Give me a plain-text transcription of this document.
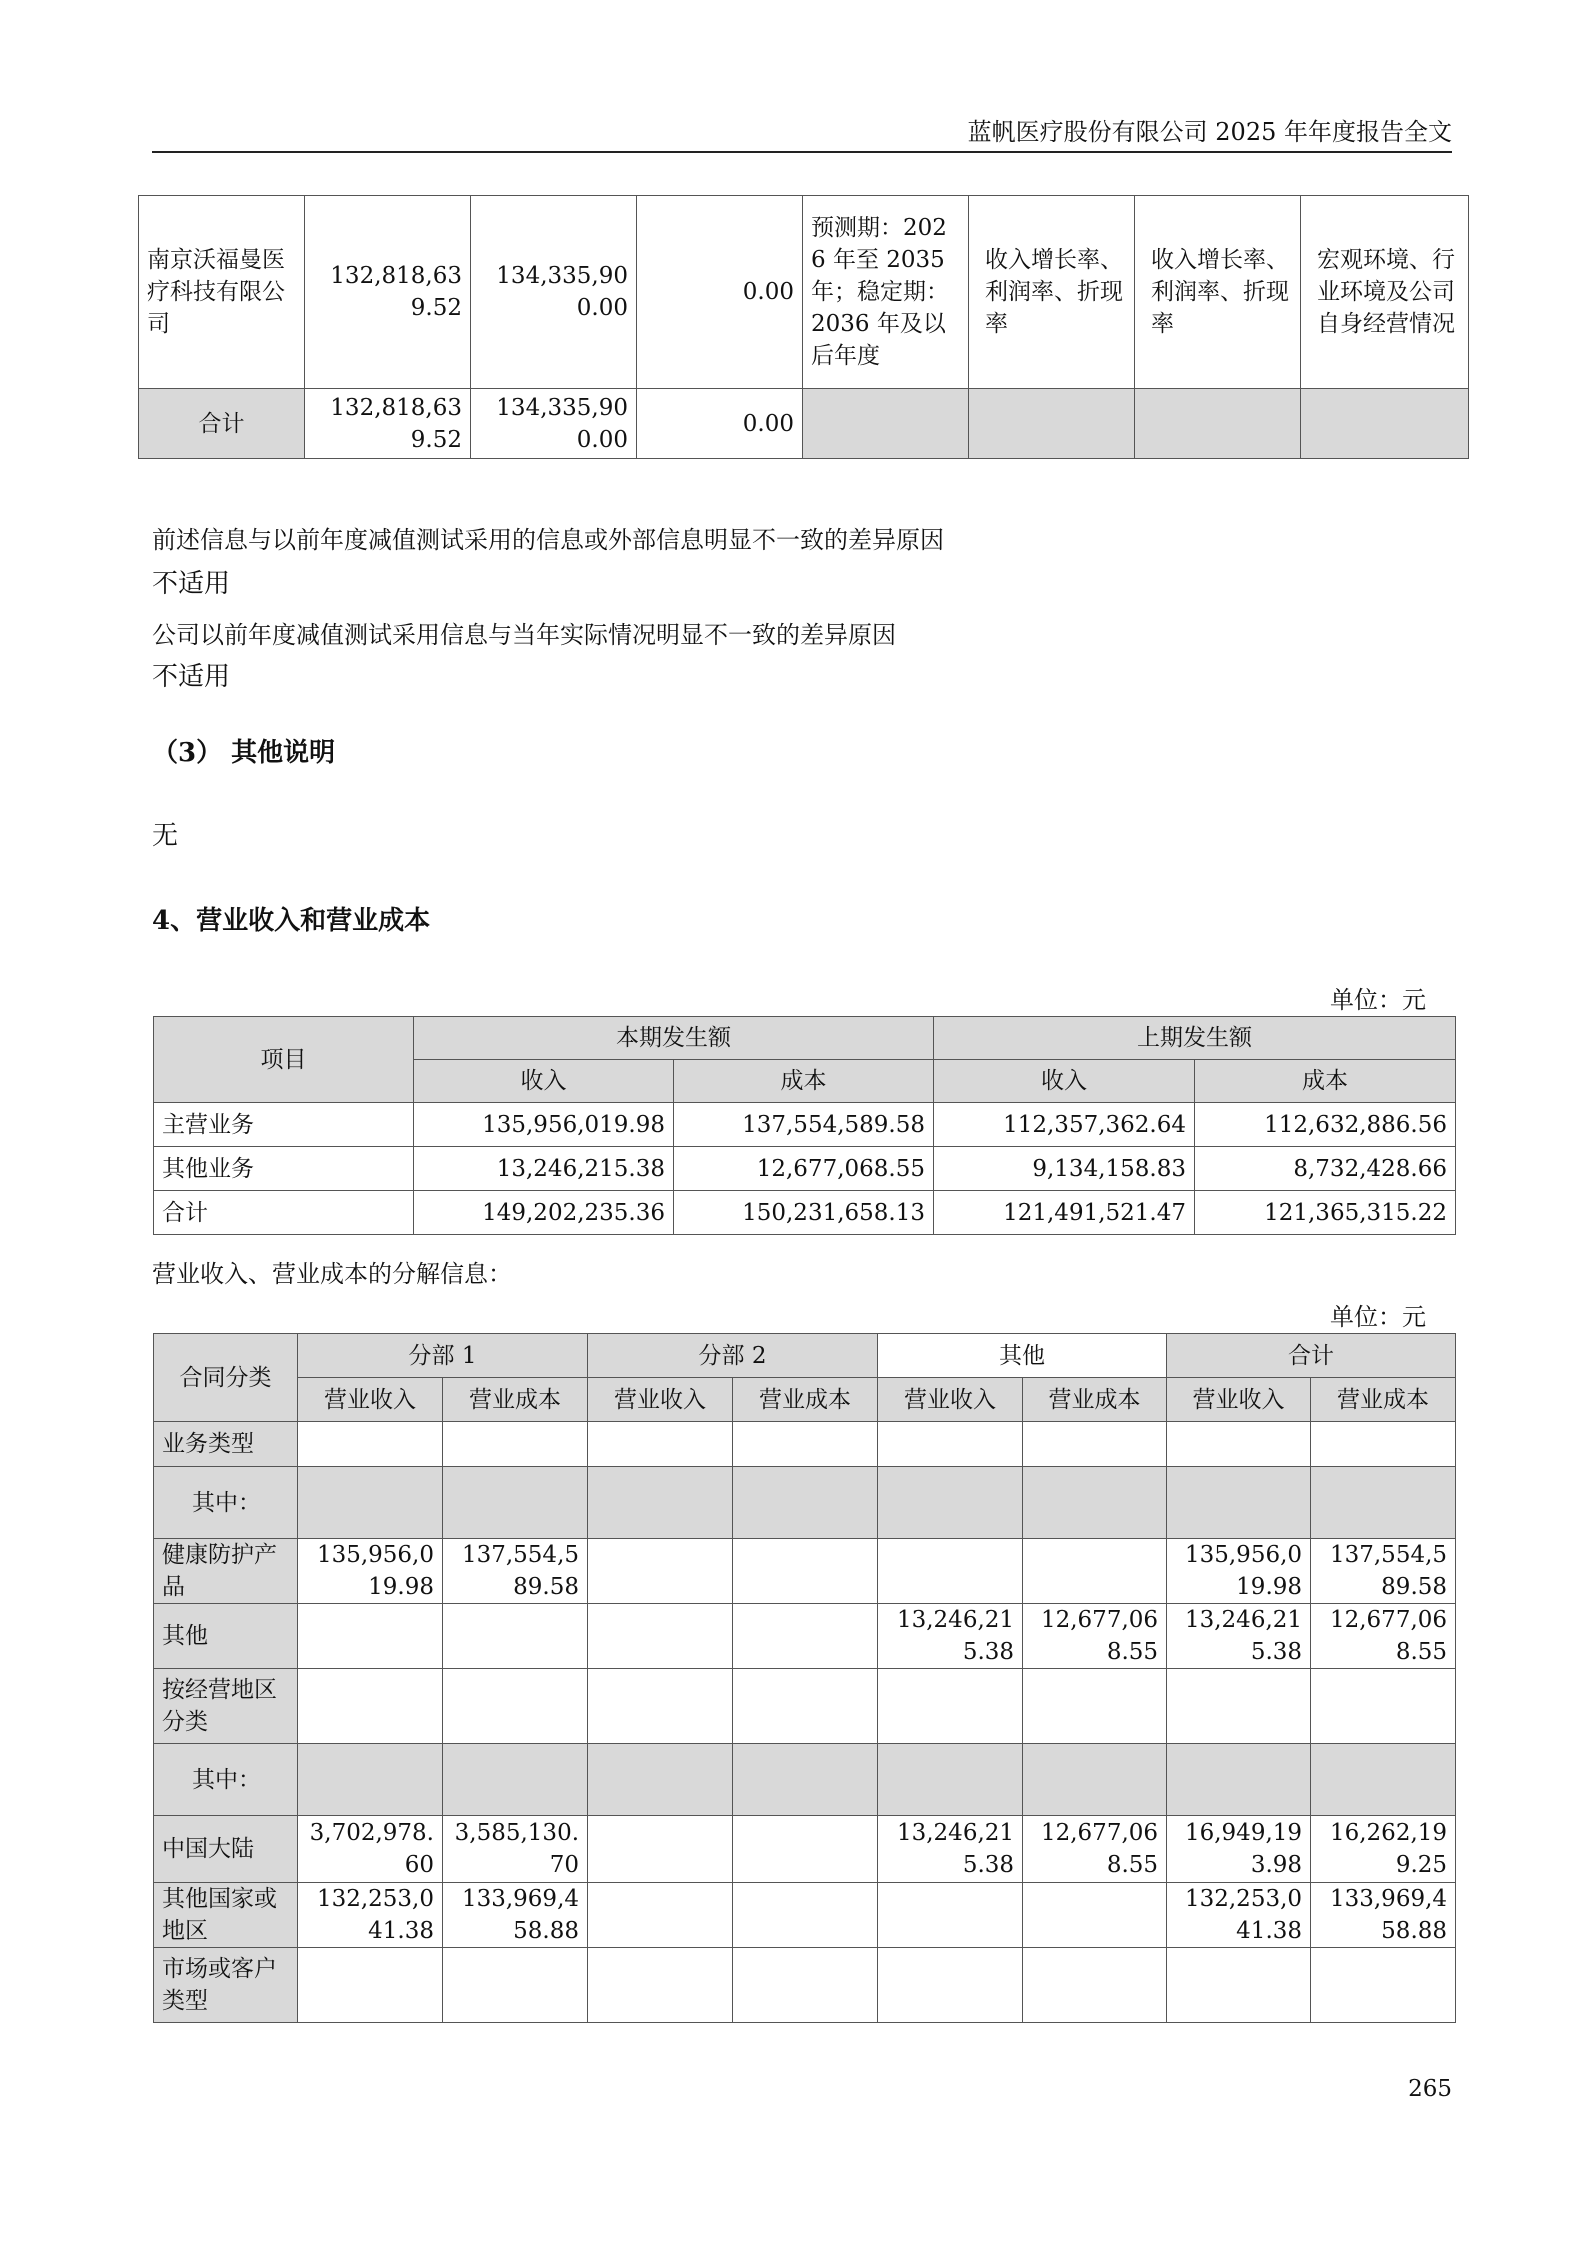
蓝帆医疗股份有限公司 2025 年年度报告全文
南京沃福曼医疗科技有限公司	132,818,639.52	134,335,900.00	0.00	预测期：2026 年至 2035 年；稳定期：2036 年及以后年度	收入增长率、利润率、折现率	收入增长率、利润率、折现率	宏观环境、行业环境及公司自身经营情况
合计	132,818,639.52	134,335,900.00	0.00				
前述信息与以前年度减值测试采用的信息或外部信息明显不一致的差异原因
不适用
公司以前年度减值测试采用信息与当年实际情况明显不一致的差异原因
不适用
（3） 其他说明
无
4、营业收入和营业成本
单位：元
项目	本期发生额		上期发生额	
	收入	成本	收入	成本
主营业务	135,956,019.98	137,554,589.58	112,357,362.64	112,632,886.56
其他业务	13,246,215.38	12,677,068.55	9,134,158.83	8,732,428.66
合计	149,202,235.36	150,231,658.13	121,491,521.47	121,365,315.22
营业收入、营业成本的分解信息：
单位：元
合同分类	分部 1		分部 2		其他		合计	
	营业收入	营业成本	营业收入	营业成本	营业收入	营业成本	营业收入	营业成本
业务类型								
其中：								
健康防护产品	135,956,019.98	137,554,589.58					135,956,019.98	137,554,589.58
其他					13,246,215.38	12,677,068.55	13,246,215.38	12,677,068.55
按经营地区分类								
其中：								
中国大陆	3,702,978.60	3,585,130.70			13,246,215.38	12,677,068.55	16,949,193.98	16,262,199.25
其他国家或地区	132,253,041.38	133,969,458.88					132,253,041.38	133,969,458.88
市场或客户类型								
265
